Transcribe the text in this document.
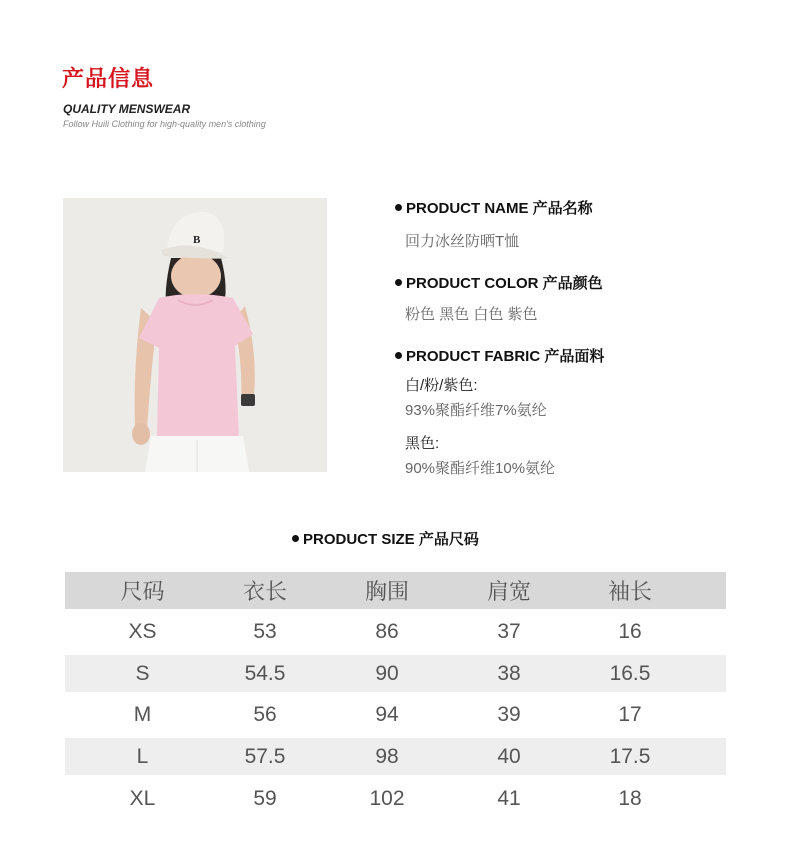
产品信息
QUALITY MENSWEAR
Follow Huili Clothing for high-quality men's clothing
B
PRODUCT NAME 产品名称
回力冰丝防晒T恤
PRODUCT COLOR 产品颜色
粉色 黑色 白色 紫色
PRODUCT FABRIC 产品面料
白/粉/紫色:
93%聚酯纤维7%氨纶
黑色:
90%聚酯纤维10%氨纶
PRODUCT SIZE 产品尺码
尺码	衣长	胸围	肩宽	袖长
XS	53	86	37	16
S	54.5	90	38	16.5
M	56	94	39	17
L	57.5	98	40	17.5
XL	59	102	41	18
